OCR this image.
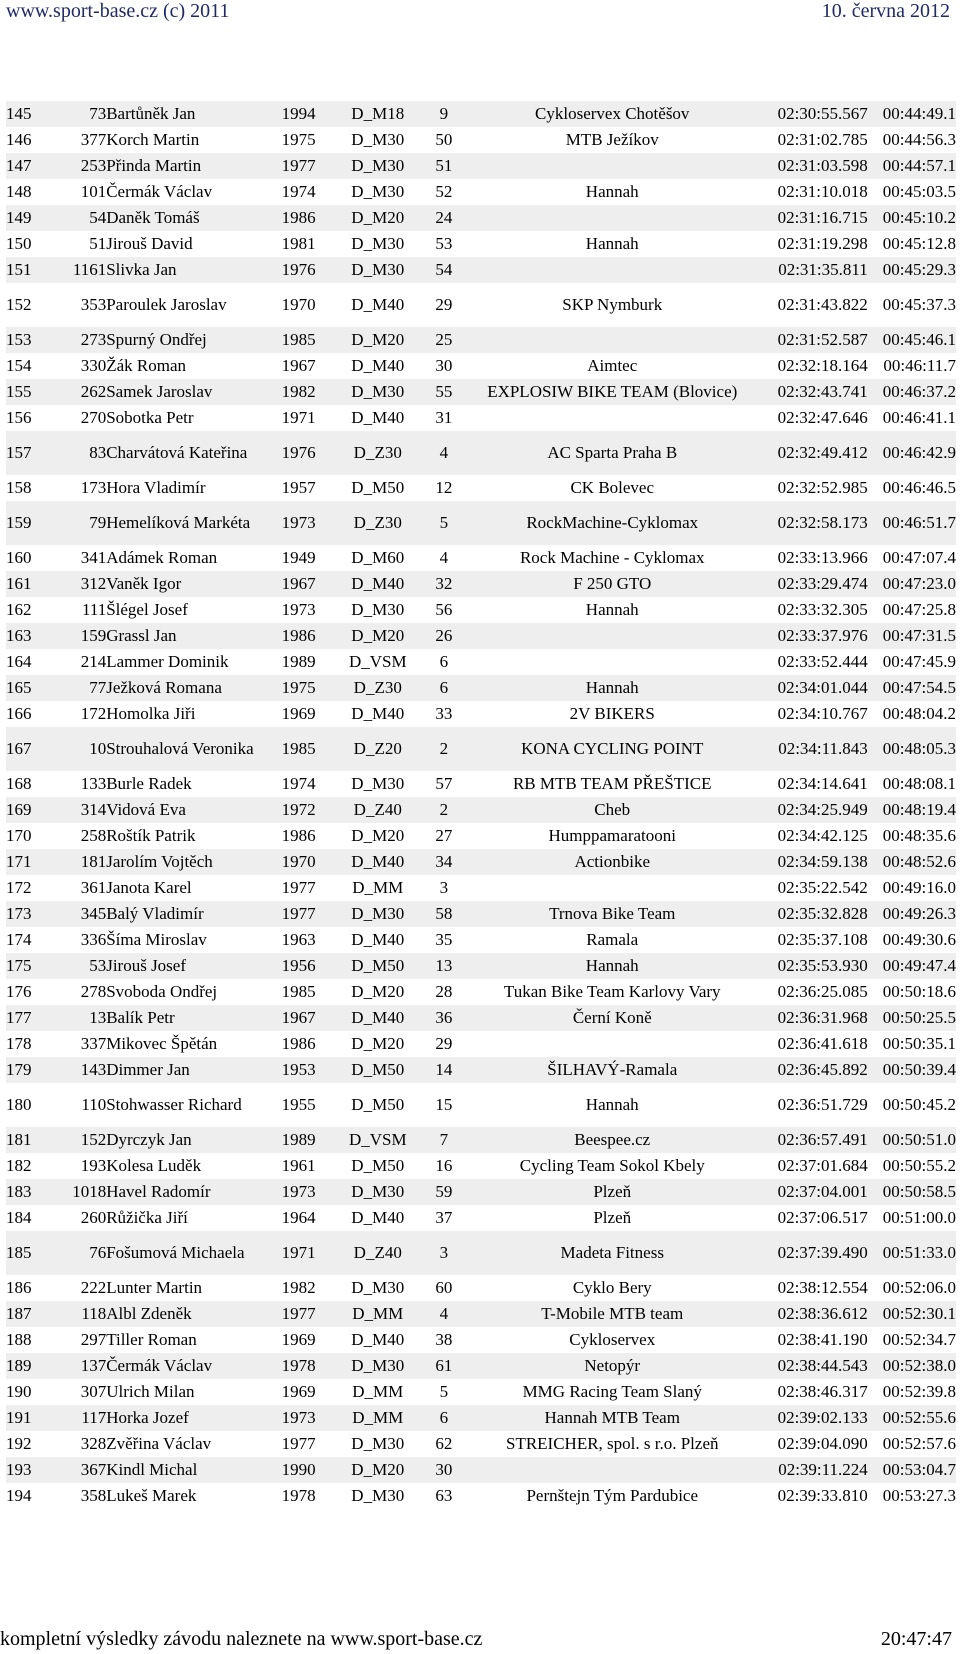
www.sport-base.cz (c) 2011	10. června 2012
145	73	Bartůněk Jan	1994	D_M18	9	Cykloservex Chotěšov	02:30:55.567	00:44:49.1
146	377	Korch Martin	1975	D_M30	50	MTB Ježíkov	02:31:02.785	00:44:56.3
147	253	Přinda Martin	1977	D_M30	51		02:31:03.598	00:44:57.1
148	101	Čermák Václav	1974	D_M30	52	Hannah	02:31:10.018	00:45:03.5
149	54	Daněk Tomáš	1986	D_M20	24		02:31:16.715	00:45:10.2
150	51	Jirouš David	1981	D_M30	53	Hannah	02:31:19.298	00:45:12.8
151	1161	Slivka Jan	1976	D_M30	54		02:31:35.811	00:45:29.3
152	353	Paroulek Jaroslav	1970	D_M40	29	SKP Nymburk	02:31:43.822	00:45:37.3
153	273	Spurný Ondřej	1985	D_M20	25		02:31:52.587	00:45:46.1
154	330	Žák Roman	1967	D_M40	30	Aimtec	02:32:18.164	00:46:11.7
155	262	Samek Jaroslav	1982	D_M30	55	EXPLOSIW BIKE TEAM (Blovice)	02:32:43.741	00:46:37.2
156	270	Sobotka Petr	1971	D_M40	31		02:32:47.646	00:46:41.1
157	83	Charvátová Kateřina	1976	D_Z30	4	AC Sparta Praha B	02:32:49.412	00:46:42.9
158	173	Hora Vladimír	1957	D_M50	12	CK Bolevec	02:32:52.985	00:46:46.5
159	79	Hemelíková Markéta	1973	D_Z30	5	RockMachine-Cyklomax	02:32:58.173	00:46:51.7
160	341	Adámek Roman	1949	D_M60	4	Rock Machine - Cyklomax	02:33:13.966	00:47:07.4
161	312	Vaněk Igor	1967	D_M40	32	F 250 GTO	02:33:29.474	00:47:23.0
162	111	Šlégel Josef	1973	D_M30	56	Hannah	02:33:32.305	00:47:25.8
163	159	Grassl Jan	1986	D_M20	26		02:33:37.976	00:47:31.5
164	214	Lammer Dominik	1989	D_VSM	6		02:33:52.444	00:47:45.9
165	77	Ježková Romana	1975	D_Z30	6	Hannah	02:34:01.044	00:47:54.5
166	172	Homolka Jiři	1969	D_M40	33	2V BIKERS	02:34:10.767	00:48:04.2
167	10	Strouhalová Veronika	1985	D_Z20	2	KONA CYCLING POINT	02:34:11.843	00:48:05.3
168	133	Burle Radek	1974	D_M30	57	RB MTB TEAM PŘEŠTICE	02:34:14.641	00:48:08.1
169	314	Vidová Eva	1972	D_Z40	2	Cheb	02:34:25.949	00:48:19.4
170	258	Roštík Patrik	1986	D_M20	27	Humppamaratooni	02:34:42.125	00:48:35.6
171	181	Jarolím Vojtěch	1970	D_M40	34	Actionbike	02:34:59.138	00:48:52.6
172	361	Janota Karel	1977	D_MM	3		02:35:22.542	00:49:16.0
173	345	Balý Vladimír	1977	D_M30	58	Trnova Bike Team	02:35:32.828	00:49:26.3
174	336	Šíma Miroslav	1963	D_M40	35	Ramala	02:35:37.108	00:49:30.6
175	53	Jirouš Josef	1956	D_M50	13	Hannah	02:35:53.930	00:49:47.4
176	278	Svoboda Ondřej	1985	D_M20	28	Tukan Bike Team Karlovy Vary	02:36:25.085	00:50:18.6
177	13	Balík Petr	1967	D_M40	36	Černí Koně	02:36:31.968	00:50:25.5
178	337	Mikovec Špětán	1986	D_M20	29		02:36:41.618	00:50:35.1
179	143	Dimmer Jan	1953	D_M50	14	ŠILHAVÝ-Ramala	02:36:45.892	00:50:39.4
180	110	Stohwasser Richard	1955	D_M50	15	Hannah	02:36:51.729	00:50:45.2
181	152	Dyrczyk Jan	1989	D_VSM	7	Beespee.cz	02:36:57.491	00:50:51.0
182	193	Kolesa Luděk	1961	D_M50	16	Cycling Team Sokol Kbely	02:37:01.684	00:50:55.2
183	1018	Havel Radomír	1973	D_M30	59	Plzeň	02:37:04.001	00:50:58.5
184	260	Růžička Jiří	1964	D_M40	37	Plzeň	02:37:06.517	00:51:00.0
185	76	Fošumová Michaela	1971	D_Z40	3	Madeta Fitness	02:37:39.490	00:51:33.0
186	222	Lunter Martin	1982	D_M30	60	Cyklo Bery	02:38:12.554	00:52:06.0
187	118	Albl Zdeněk	1977	D_MM	4	T-Mobile MTB team	02:38:36.612	00:52:30.1
188	297	Tiller Roman	1969	D_M40	38	Cykloservex	02:38:41.190	00:52:34.7
189	137	Čermák Václav	1978	D_M30	61	Netopýr	02:38:44.543	00:52:38.0
190	307	Ulrich Milan	1969	D_MM	5	MMG Racing Team Slaný	02:38:46.317	00:52:39.8
191	117	Horka Jozef	1973	D_MM	6	Hannah MTB Team	02:39:02.133	00:52:55.6
192	328	Zvěřina Václav	1977	D_M30	62	STREICHER, spol. s r.o. Plzeň	02:39:04.090	00:52:57.6
193	367	Kindl Michal	1990	D_M20	30		02:39:11.224	00:53:04.7
194	358	Lukeš Marek	1978	D_M30	63	Pernštejn Tým Pardubice	02:39:33.810	00:53:27.3
kompletní výsledky závodu naleznete na www.sport-base.cz	20:47:47
